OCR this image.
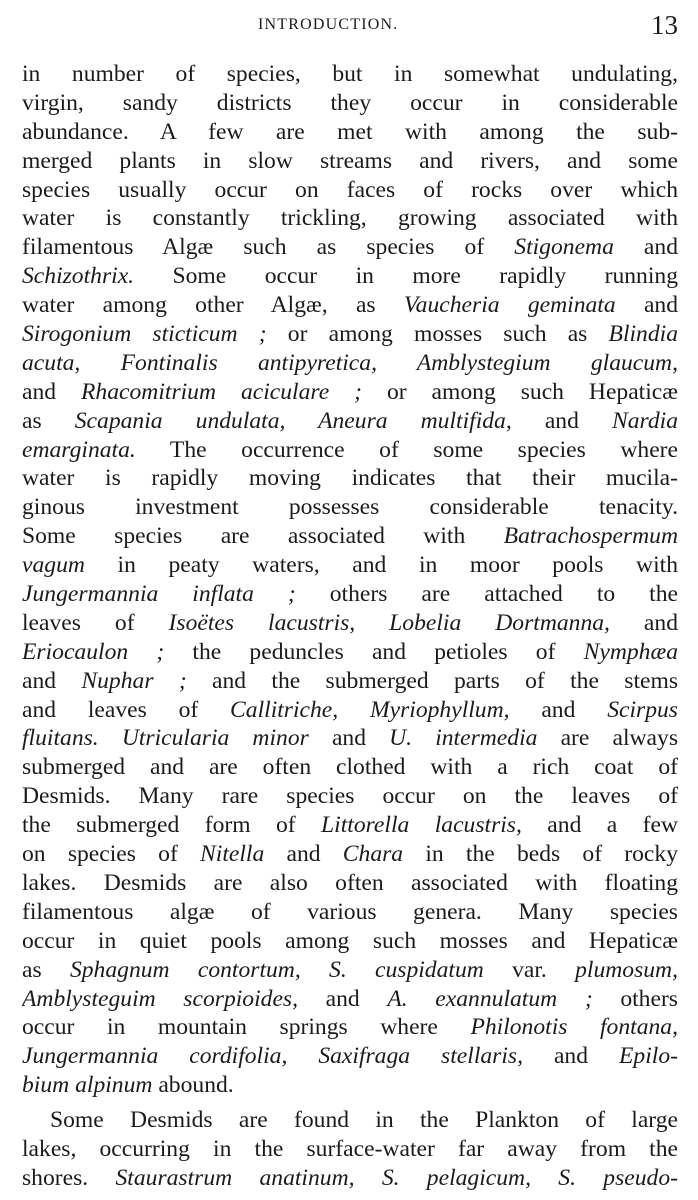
INTRODUCTION.	13
in number of species, but in somewhat undulating,
virgin, sandy districts they occur in considerable
abundance. A few are met with among the sub-
merged plants in slow streams and rivers, and some
species usually occur on faces of rocks over which
water is constantly trickling, growing associated with
filamentous Algæ such as species of Stigonema and
Schizothrix. Some occur in more rapidly running
water among other Algæ, as Vaucheria geminata and
Sirogonium sticticum ; or among mosses such as Blindia
acuta, Fontinalis antipyretica, Amblystegium glaucum,
and Rhacomitrium aciculare ; or among such Hepaticæ
as Scapania undulata, Aneura multifida, and Nardia
emarginata. The occurrence of some species where
water is rapidly moving indicates that their mucila-
ginous investment possesses considerable tenacity.
Some species are associated with Batrachospermum
vagum in peaty waters, and in moor pools with
Jungermannia inflata ; others are attached to the
leaves of Isoëtes lacustris, Lobelia Dortmanna, and
Eriocaulon ; the peduncles and petioles of Nymphæa
and Nuphar ; and the submerged parts of the stems
and leaves of Callitriche, Myriophyllum, and Scirpus
fluitans. Utricularia minor and U. intermedia are always
submerged and are often clothed with a rich coat of
Desmids. Many rare species occur on the leaves of
the submerged form of Littorella lacustris, and a few
on species of Nitella and Chara in the beds of rocky
lakes. Desmids are also often associated with floating
filamentous algæ of various genera. Many species
occur in quiet pools among such mosses and Hepaticæ
as Sphagnum contortum, S. cuspidatum var. plumosum,
Amblysteguim scorpioides, and A. exannulatum ; others
occur in mountain springs where Philonotis fontana,
Jungermannia cordifolia, Saxifraga stellaris, and Epilo-
bium alpinum abound.
Some Desmids are found in the Plankton of large
lakes, occurring in the surface-water far away from the
shores. Staurastrum anatinum, S. pelagicum, S. pseudo-
